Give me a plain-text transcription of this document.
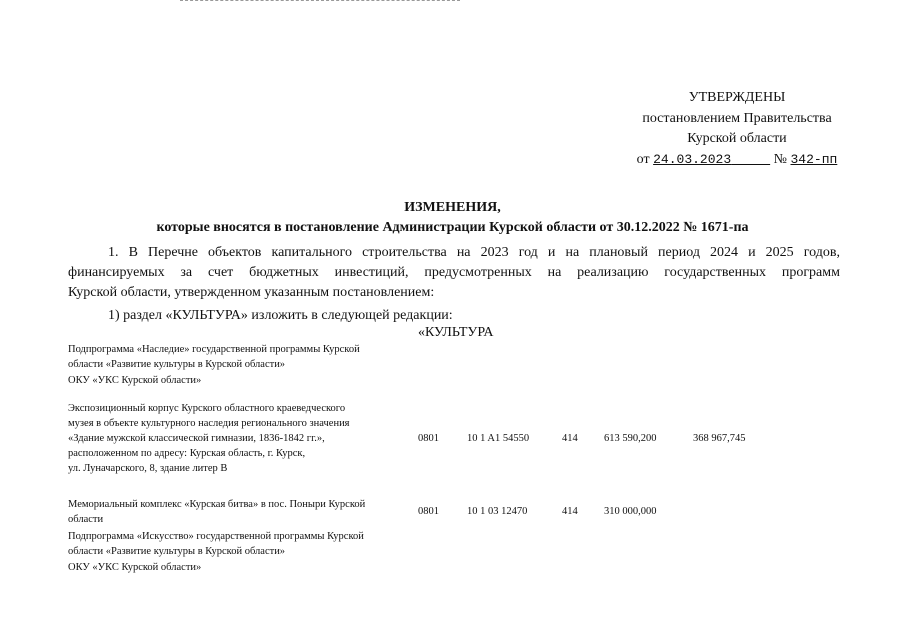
УТВЕРЖДЕНЫ
постановлением Правительства
Курской области
от 24.03.2023	№ 342-пп
ИЗМЕНЕНИЯ,
которые вносятся в постановление Администрации Курской области от 30.12.2022 № 1671-па
1. В Перечне объектов капитального строительства на 2023 год и на плановый период 2024 и 2025 годов,
финансируемых за счет бюджетных инвестиций, предусмотренных на реализацию государственных программ
Курской области, утвержденном указанным постановлением:
1) раздел «КУЛЬТУРА» изложить в следующей редакции:
«КУЛЬТУРА
Подпрограмма «Наследие» государственной программы Курской
области «Развитие культуры в Курской области»
ОКУ «УКС Курской области»
Экспозиционный корпус Курского областного краеведческого
музея в объекте культурного наследия регионального значения
«Здание мужской классической гимназии, 1836-1842 гг.»,
расположенном по адресу: Курская область, г. Курск,
ул. Луначарского, 8, здание литер В
0801	10 1 A1 54550	414	613 590,200	368 967,745
Мемориальный комплекс «Курская битва» в пос. Поныри Курской
области
0801	10 1 03 12470	414	310 000,000
Подпрограмма «Искусство» государственной программы Курской
области «Развитие культуры в Курской области»
ОКУ «УКС Курской области»
